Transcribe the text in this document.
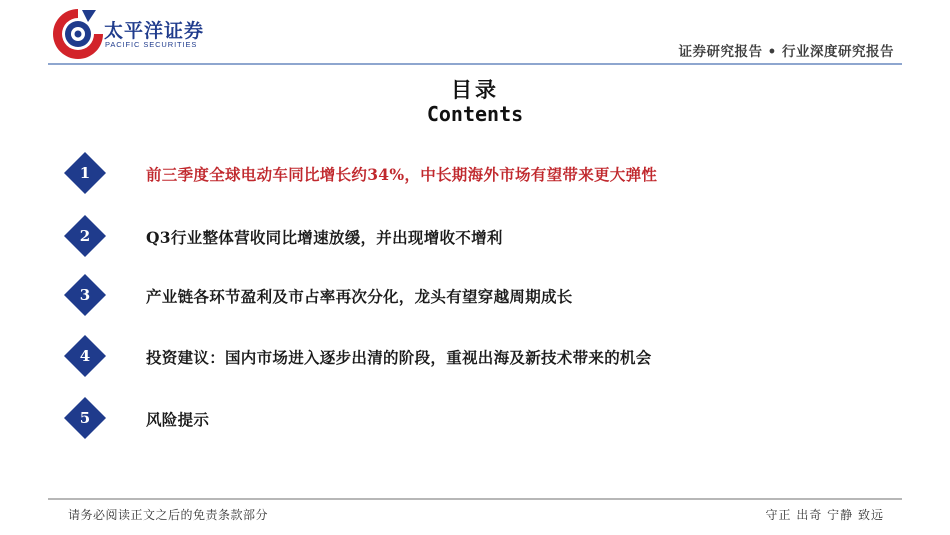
太平洋证券
PACIFIC SECURITIES	证券研究报告 • 行业深度研究报告
目录
Contents
1	前三季度全球电动车同比增长约34%，中长期海外市场有望带来更大弹性
2	Q3行业整体营收同比增速放缓，并出现增收不增利
3	产业链各环节盈利及市占率再次分化，龙头有望穿越周期成长
4	投资建议：国内市场进入逐步出清的阶段，重视出海及新技术带来的机会
5	风险提示
请务必阅读正文之后的免责条款部分	守正 出奇 宁静 致远
